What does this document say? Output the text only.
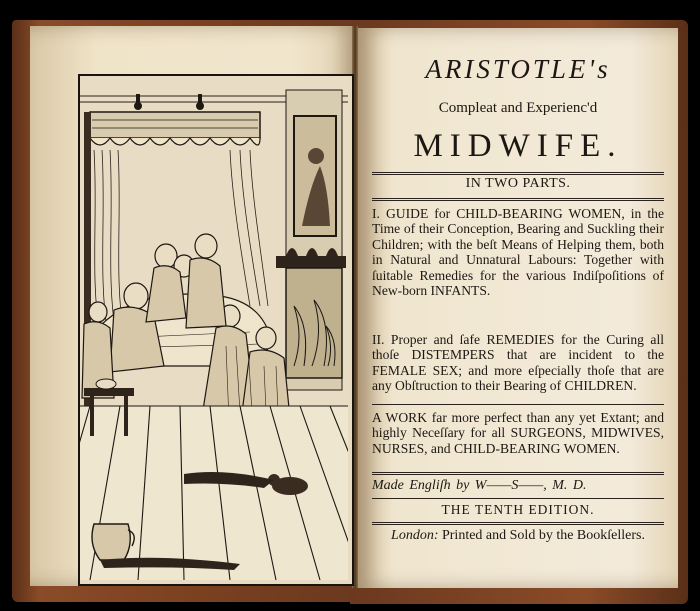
ARISTOTLE's
Compleat and Experienc'd
MIDWIFE.
IN TWO PARTS.
I. GUIDE for CHILD-BEARING WOMEN, in the Time of their Conception, Bearing and Suckling their Children; with the beſt Means of Helping them, both in Natural and Unnatural Labours: Together with ſuitable Remedies for the various Indiſpoſitions of New-born INFANTS.
II. Proper and ſafe REMEDIES for the Curing all thoſe DISTEMPERS that are incident to the FEMALE SEX; and more eſpecially thoſe that are any Obſtruction to their Bearing of CHILDREN.
A WORK far more perfect than any yet Extant; and highly Neceſſary for all SURGEONS, MIDWIVES, NURSES, and CHILD-BEARING WOMEN.
Made Engliſh by W——S——, M. D.
THE TENTH EDITION.
London: Printed and Sold by the Bookſellers.
